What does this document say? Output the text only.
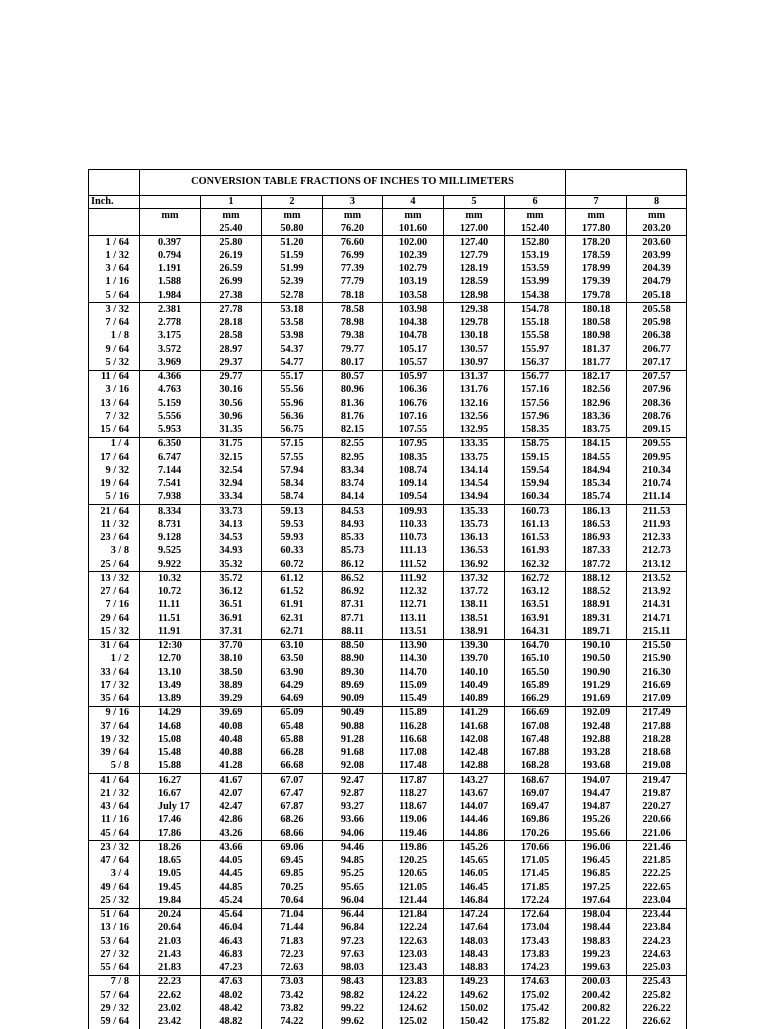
	CONVERSION TABLE FRACTIONS OF INCHES TO MILLIMETERS								
Inch.		1	2	3	4	5	6	7	8
	mm	mm	mm	mm	mm	mm	mm	mm	mm
		25.40	50.80	76.20	101.60	127.00	152.40	177.80	203.20
1 / 64	0.397	25.80	51.20	76.60	102.00	127.40	152.80	178.20	203.60
1 / 32	0.794	26.19	51.59	76.99	102.39	127.79	153.19	178.59	203.99
3 / 64	1.191	26.59	51.99	77.39	102.79	128.19	153.59	178.99	204.39
1 / 16	1.588	26.99	52.39	77.79	103.19	128.59	153.99	179.39	204.79
5 / 64	1.984	27.38	52.78	78.18	103.58	128.98	154.38	179.78	205.18
3 / 32	2.381	27.78	53.18	78.58	103.98	129.38	154.78	180.18	205.58
7 / 64	2.778	28.18	53.58	78.98	104.38	129.78	155.18	180.58	205.98
1 / 8	3.175	28.58	53.98	79.38	104.78	130.18	155.58	180.98	206.38
9 / 64	3.572	28.97	54.37	79.77	105.17	130.57	155.97	181.37	206.77
5 / 32	3.969	29.37	54.77	80.17	105.57	130.97	156.37	181.77	207.17
11 / 64	4.366	29.77	55.17	80.57	105.97	131.37	156.77	182.17	207.57
3 / 16	4.763	30.16	55.56	80.96	106.36	131.76	157.16	182.56	207.96
13 / 64	5.159	30.56	55.96	81.36	106.76	132.16	157.56	182.96	208.36
7 / 32	5.556	30.96	56.36	81.76	107.16	132.56	157.96	183.36	208.76
15 / 64	5.953	31.35	56.75	82.15	107.55	132.95	158.35	183.75	209.15
1 / 4	6.350	31.75	57.15	82.55	107.95	133.35	158.75	184.15	209.55
17 / 64	6.747	32.15	57.55	82.95	108.35	133.75	159.15	184.55	209.95
9 / 32	7.144	32.54	57.94	83.34	108.74	134.14	159.54	184.94	210.34
19 / 64	7.541	32.94	58.34	83.74	109.14	134.54	159.94	185.34	210.74
5 / 16	7.938	33.34	58.74	84.14	109.54	134.94	160.34	185.74	211.14
21 / 64	8.334	33.73	59.13	84.53	109.93	135.33	160.73	186.13	211.53
11 / 32	8.731	34.13	59.53	84.93	110.33	135.73	161.13	186.53	211.93
23 / 64	9.128	34.53	59.93	85.33	110.73	136.13	161.53	186.93	212.33
3 / 8	9.525	34.93	60.33	85.73	111.13	136.53	161.93	187.33	212.73
25 / 64	9.922	35.32	60.72	86.12	111.52	136.92	162.32	187.72	213.12
13 / 32	10.32	35.72	61.12	86.52	111.92	137.32	162.72	188.12	213.52
27 / 64	10.72	36.12	61.52	86.92	112.32	137.72	163.12	188.52	213.92
7 / 16	11.11	36.51	61.91	87.31	112.71	138.11	163.51	188.91	214.31
29 / 64	11.51	36.91	62.31	87.71	113.11	138.51	163.91	189.31	214.71
15 / 32	11.91	37.31	62.71	88.11	113.51	138.91	164.31	189.71	215.11
31 / 64	12:30	37.70	63.10	88.50	113.90	139.30	164.70	190.10	215.50
1 / 2	12.70	38.10	63.50	88.90	114.30	139.70	165.10	190.50	215.90
33 / 64	13.10	38.50	63.90	89.30	114.70	140.10	165.50	190.90	216.30
17 / 32	13.49	38.89	64.29	89.69	115.09	140.49	165.89	191.29	216.69
35 / 64	13.89	39.29	64.69	90.09	115.49	140.89	166.29	191.69	217.09
9 / 16	14.29	39.69	65.09	90.49	115.89	141.29	166.69	192.09	217.49
37 / 64	14.68	40.08	65.48	90.88	116.28	141.68	167.08	192.48	217.88
19 / 32	15.08	40.48	65.88	91.28	116.68	142.08	167.48	192.88	218.28
39 / 64	15.48	40.88	66.28	91.68	117.08	142.48	167.88	193.28	218.68
5 / 8	15.88	41.28	66.68	92.08	117.48	142.88	168.28	193.68	219.08
41 / 64	16.27	41.67	67.07	92.47	117.87	143.27	168.67	194.07	219.47
21 / 32	16.67	42.07	67.47	92.87	118.27	143.67	169.07	194.47	219.87
43 / 64	July 17	42.47	67.87	93.27	118.67	144.07	169.47	194.87	220.27
11 / 16	17.46	42.86	68.26	93.66	119.06	144.46	169.86	195.26	220.66
45 / 64	17.86	43.26	68.66	94.06	119.46	144.86	170.26	195.66	221.06
23 / 32	18.26	43.66	69.06	94.46	119.86	145.26	170.66	196.06	221.46
47 / 64	18.65	44.05	69.45	94.85	120.25	145.65	171.05	196.45	221.85
3 / 4	19.05	44.45	69.85	95.25	120.65	146.05	171.45	196.85	222.25
49 / 64	19.45	44.85	70.25	95.65	121.05	146.45	171.85	197.25	222.65
25 / 32	19.84	45.24	70.64	96.04	121.44	146.84	172.24	197.64	223.04
51 / 64	20.24	45.64	71.04	96.44	121.84	147.24	172.64	198.04	223.44
13 / 16	20.64	46.04	71.44	96.84	122.24	147.64	173.04	198.44	223.84
53 / 64	21.03	46.43	71.83	97.23	122.63	148.03	173.43	198.83	224.23
27 / 32	21.43	46.83	72.23	97.63	123.03	148.43	173.83	199.23	224.63
55 / 64	21.83	47.23	72.63	98.03	123.43	148.83	174.23	199.63	225.03
7 / 8	22.23	47.63	73.03	98.43	123.83	149.23	174.63	200.03	225.43
57 / 64	22.62	48.02	73.42	98.82	124.22	149.62	175.02	200.42	225.82
29 / 32	23.02	48.42	73.82	99.22	124.62	150.02	175.42	200.82	226.22
59 / 64	23.42	48.82	74.22	99.62	125.02	150.42	175.82	201.22	226.62
